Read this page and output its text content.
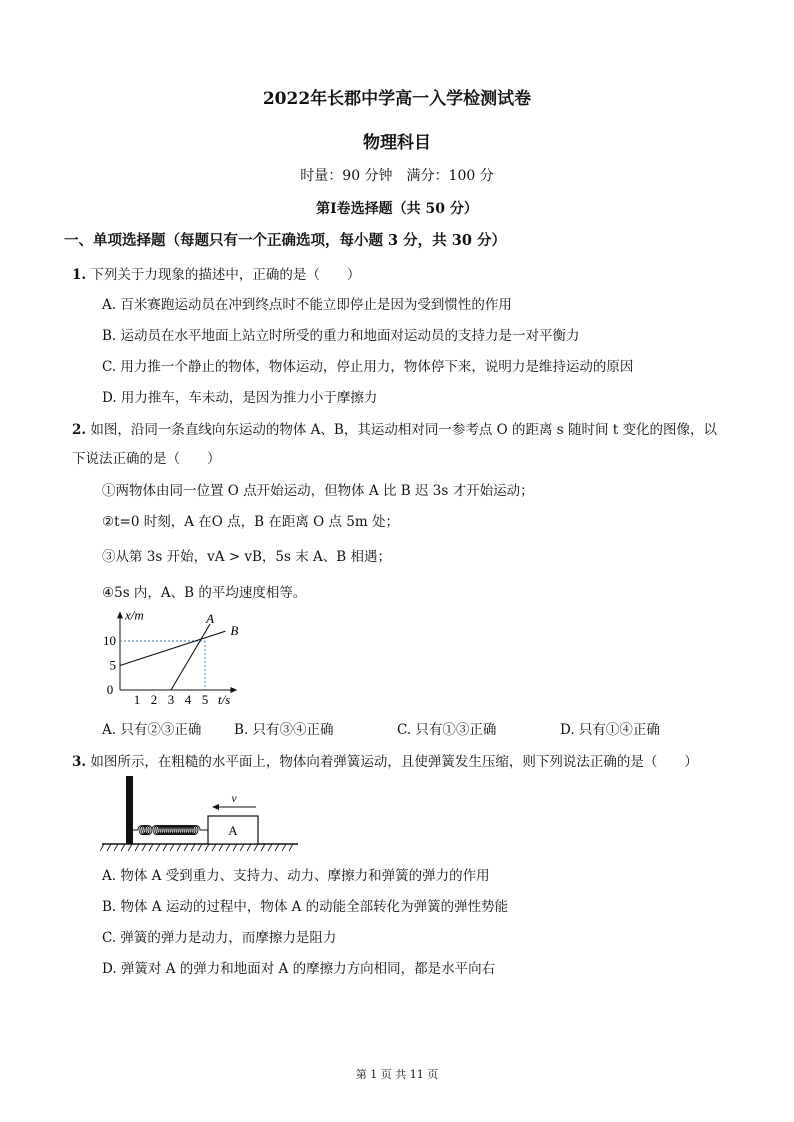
2022年长郡中学高一入学检测试卷
物理科目
时量：90 分钟　满分：100 分
第Ⅰ卷选择题（共 50 分）
一、单项选择题（每题只有一个正确选项，每小题 3 分，共 30 分）
1. 下列关于力现象的描述中，正确的是（　　）
A. 百米赛跑运动员在冲到终点时不能立即停止是因为受到惯性的作用
B. 运动员在水平地面上站立时所受的重力和地面对运动员的支持力是一对平衡力
C. 用力推一个静止的物体，物体运动，停止用力，物体停下来，说明力是维持运动的原因
D. 用力推车，车未动，是因为推力小于摩擦力
2. 如图，沿同一条直线向东运动的物体 A、B，其运动相对同一参考点 O 的距离 s 随时间 t 变化的图像，以
下说法正确的是（　　）
①两物体由同一位置 O 点开始运动，但物体 A 比 B 迟 3s 才开始运动；
②t=0 时刻，A 在O 点，B 在距离 O 点 5m 处；
③从第 3s 开始，vA > vB，5s 末 A、B 相遇；
④5s 内，A、B 的平均速度相等。
0
1 2 3 4 5
5
10
t/s
x/m	A
B
A. 只有②③正确 B. 只有③④正确	C. 只有①③正确	D. 只有①④正确
3. 如图所示，在粗糙的水平面上，物体向着弹簧运动，且使弹簧发生压缩，则下列说法正确的是（　　）
A
v
A. 物体 A 受到重力、支持力、动力、摩擦力和弹簧的弹力的作用
B. 物体 A 运动的过程中，物体 A 的动能全部转化为弹簧的弹性势能
C. 弹簧的弹力是动力，而摩擦力是阻力
D. 弹簧对 A 的弹力和地面对 A 的摩擦力方向相同，都是水平向右
第 1 页 共 11 页
